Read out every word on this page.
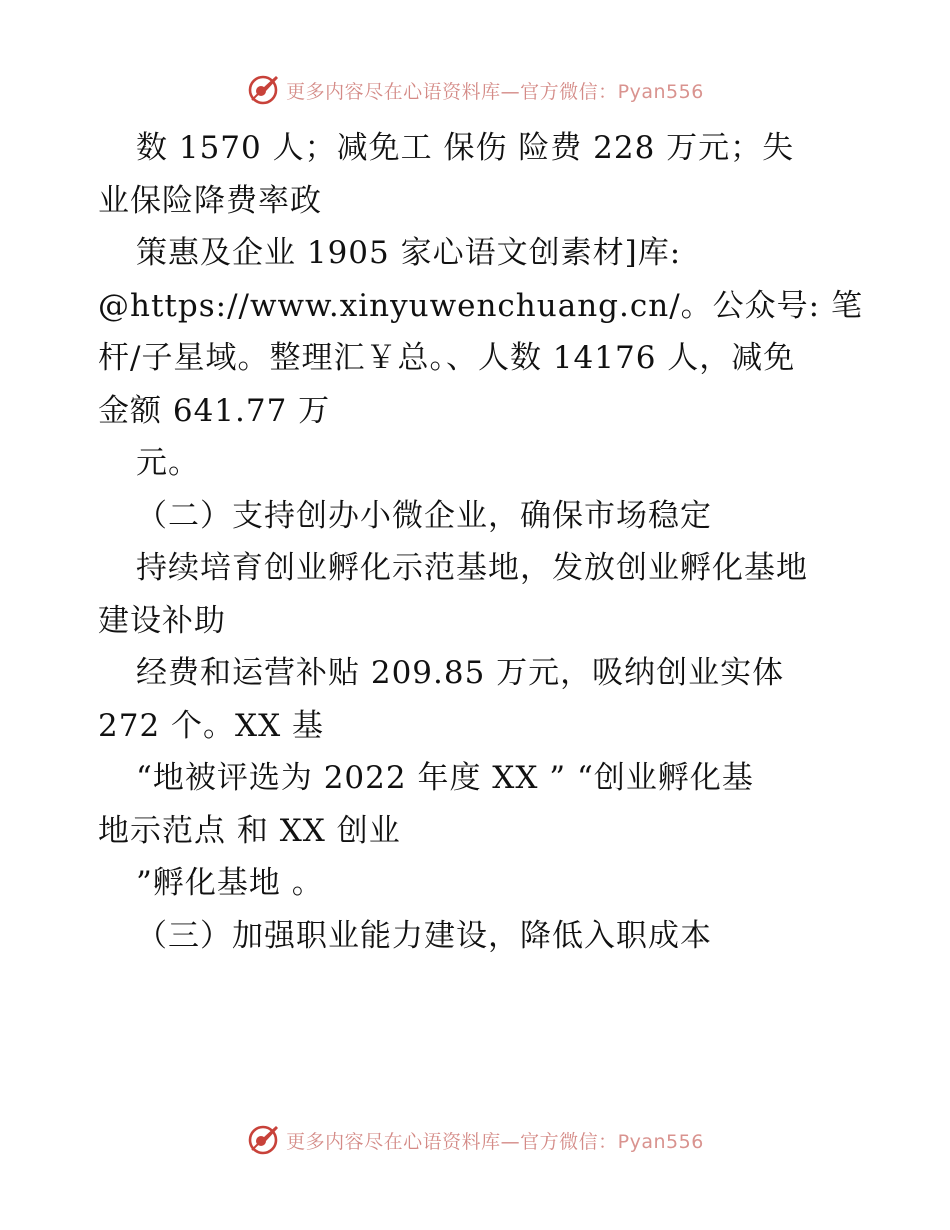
更多内容尽在心语资料库—官方微信：Pyan556
数 1570 人；减免工 保伤 险费 228 万元；失
业保险降费率政
策惠及企业 1905 家心语文创素材]库:
@https://www.xinyuwenchuang.cn/。公众号: 笔
杆/子星域。整理汇￥总。、人数 14176 人，减免
金额 641.77 万
元。
（二）支持创办小微企业，确保市场稳定
持续培育创业孵化示范基地，发放创业孵化基地
建设补助
经费和运营补贴 209.85 万元，吸纳创业实体
272 个。XX 基
“地被评选为 2022 年度 XX ” “创业孵化基
地示范点 和 XX 创业
”孵化基地 。
（三）加强职业能力建设，降低入职成本
更多内容尽在心语资料库—官方微信：Pyan556
